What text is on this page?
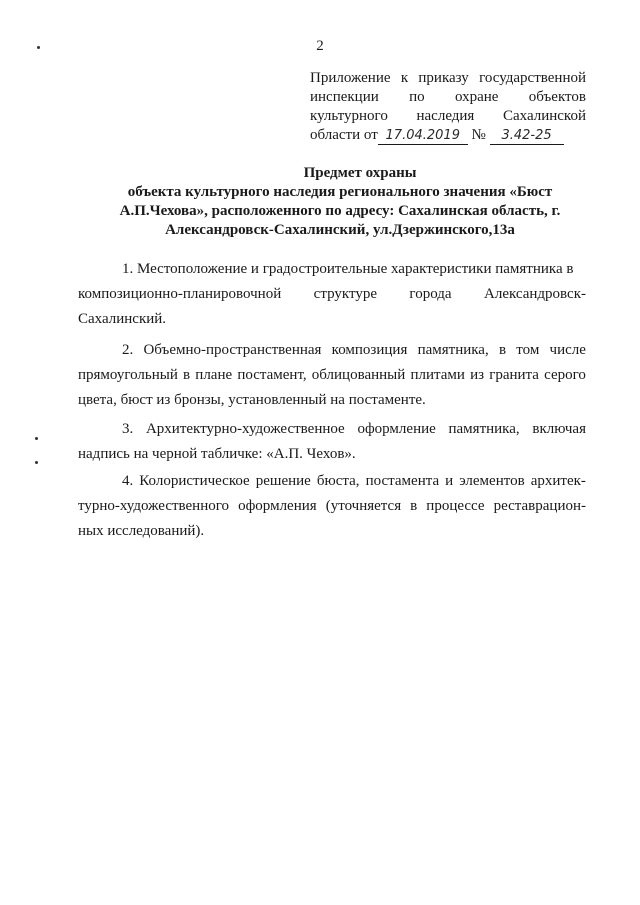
2
Приложение к приказу государственной
инспекции по охране объектов
культурного наследия Сахалинской
области от 17.04.2019 № 3.42-25
Предмет охраны
объекта культурного наследия регионального значения «Бюст
А.П.Чехова», расположенного по адресу: Сахалинская область, г.
Александровск-Сахалинский, ул.Дзержинского,13а
1. Местоположение и градостроительные характеристики памятника в
композиционно-планировочной структуре города Александровск-
Сахалинский.
2. Объемно-пространственная композиция памятника, в том числе
прямоугольный в плане постамент, облицованный плитами из гранита серого
цвета, бюст из бронзы, установленный на постаменте.
3. Архитектурно-художественное оформление памятника, включая
надпись на черной табличке: «А.П. Чехов».
4. Колористическое решение бюста, постамента и элементов архитек-
турно-художественного оформления (уточняется в процессе реставрацион-
ных исследований).
